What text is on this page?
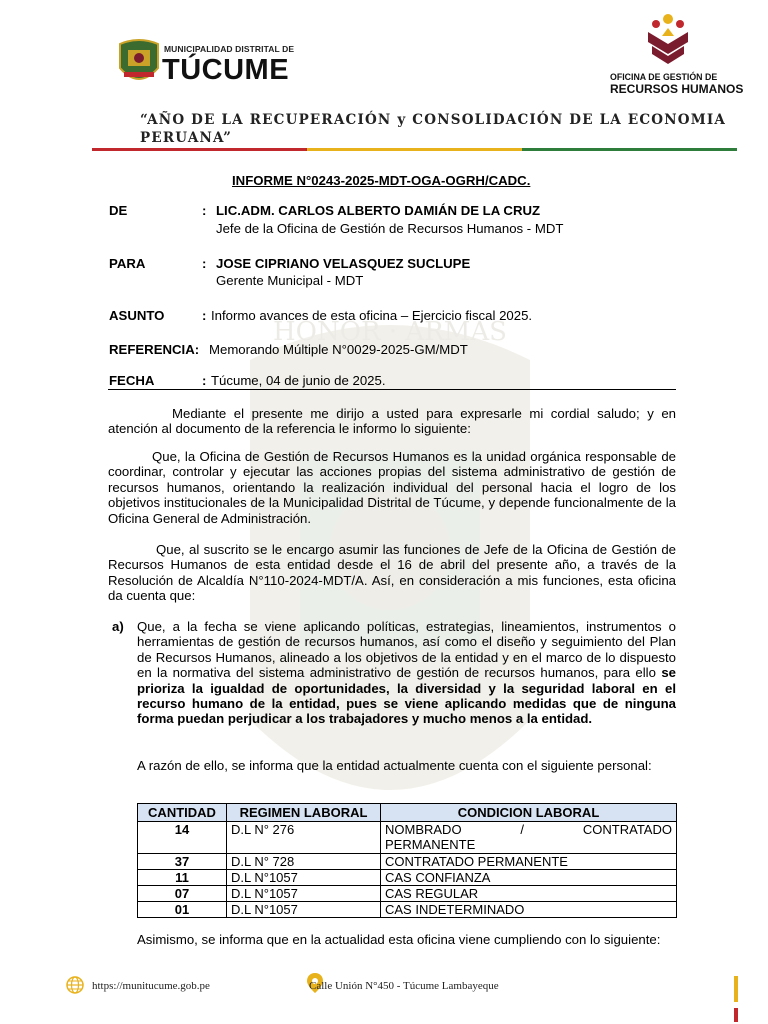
HONOR · ARMAS
MUNICIPALIDAD DISTRITAL DE
TÚCUME	OFICINA DE GESTIÓN DE
RECURSOS HUMANOS
“AÑO DE LA RECUPERACIÓN y CONSOLIDACIÓN DE LA ECONOMIA
PERUANA”
INFORME N°0243-2025-MDT-OGA-OGRH/CADC.
DE	: LIC.ADM. CARLOS ALBERTO DAMIÁN DE LA CRUZ
Jefe de la Oficina de Gestión de Recursos Humanos - MDT
PARA	: JOSE CIPRIANO VELASQUEZ SUCLUPE
Gerente Municipal - MDT
ASUNTO	: Informo avances de esta oficina – Ejercicio fiscal 2025.
REFERENCIA: Memorando Múltiple N°0029-2025-GM/MDT
FECHA	: Túcume, 04 de junio de 2025.
Mediante el presente me dirijo a usted para expresarle mi cordial saludo; y en atención al documento de la referencia le informo lo siguiente:
Que, la Oficina de Gestión de Recursos Humanos es la unidad orgánica responsable de coordinar, controlar y ejecutar las acciones propias del sistema administrativo de gestión de recursos humanos, orientando la realización individual del personal hacia el logro de los objetivos institucionales de la Municipalidad Distrital de Túcume, y depende funcionalmente de la Oficina General de Administración.
Que, al suscrito se le encargo asumir las funciones de Jefe de la Oficina de Gestión de Recursos Humanos de esta entidad desde el 16 de abril del presente año, a través de la Resolución de Alcaldía N°110-2024-MDT/A. Así, en consideración a mis funciones, esta oficina da cuenta que:
a) Que, a la fecha se viene aplicando políticas, estrategias, lineamientos, instrumentos o herramientas de gestión de recursos humanos, así como el diseño y seguimiento del Plan de Recursos Humanos, alineado a los objetivos de la entidad y en el marco de lo dispuesto en la normativa del sistema administrativo de gestión de recursos humanos, para ello se prioriza la igualdad de oportunidades, la diversidad y la seguridad laboral en el recurso humano de la entidad, pues se viene aplicando medidas que de ninguna forma puedan perjudicar a los trabajadores y mucho menos a la entidad.
A razón de ello, se informa que la entidad actualmente cuenta con el siguiente personal:
CANTIDAD	REGIMEN LABORAL	CONDICION LABORAL
14	D.L N° 276	NOMBRADO / CONTRATADO
PERMANENTE

37	D.L N° 728	CONTRATADO PERMANENTE
11	D.L N°1057	CAS CONFIANZA
07	D.L N°1057	CAS REGULAR
01	D.L N°1057	CAS INDETERMINADO
Asimismo, se informa que en la actualidad esta oficina viene cumpliendo con lo siguiente:
https://munitucume.gob.pe	Calle Unión N°450 - Túcume Lambayeque
